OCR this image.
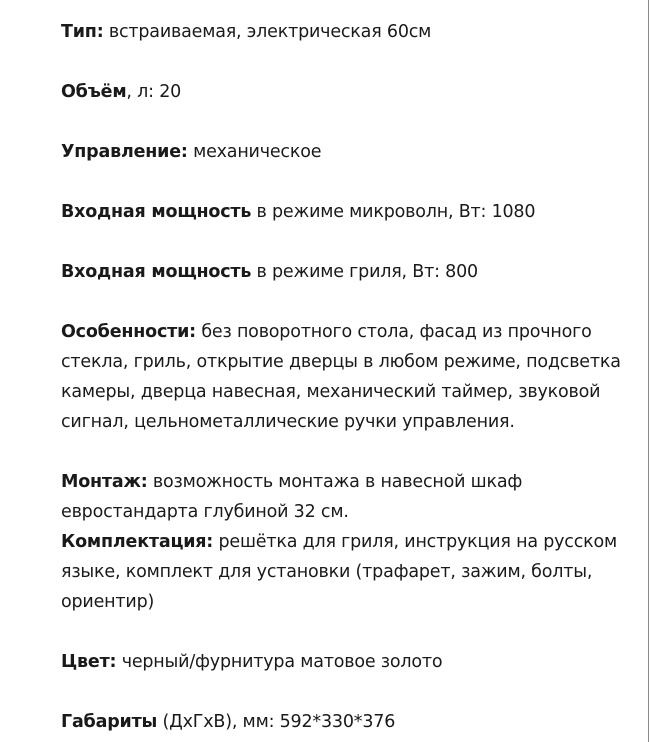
Тип: встраиваемая, электрическая 60см

Объём, л: 20

Управление: механическое

Входная мощность в режиме микроволн, Вт: 1080

Входная мощность в режиме гриля, Вт: 800

Особенности: без поворотного стола, фасад из прочного стекла, гриль, открытие дверцы в любом режиме, подсветка камеры, дверца навесная, механический таймер, звуковой сигнал, цельнометаллические ручки управления.

Монтаж: возможность монтажа в навесной шкаф евростандарта глубиной 32 см.

Комплектация: решётка для гриля, инструкция на русском языке, комплект для установки (трафарет, зажим, болты, ориентир)

Цвет: черный/фурнитура матовое золото

Габариты (ДхГхВ), мм: 592*330*376
